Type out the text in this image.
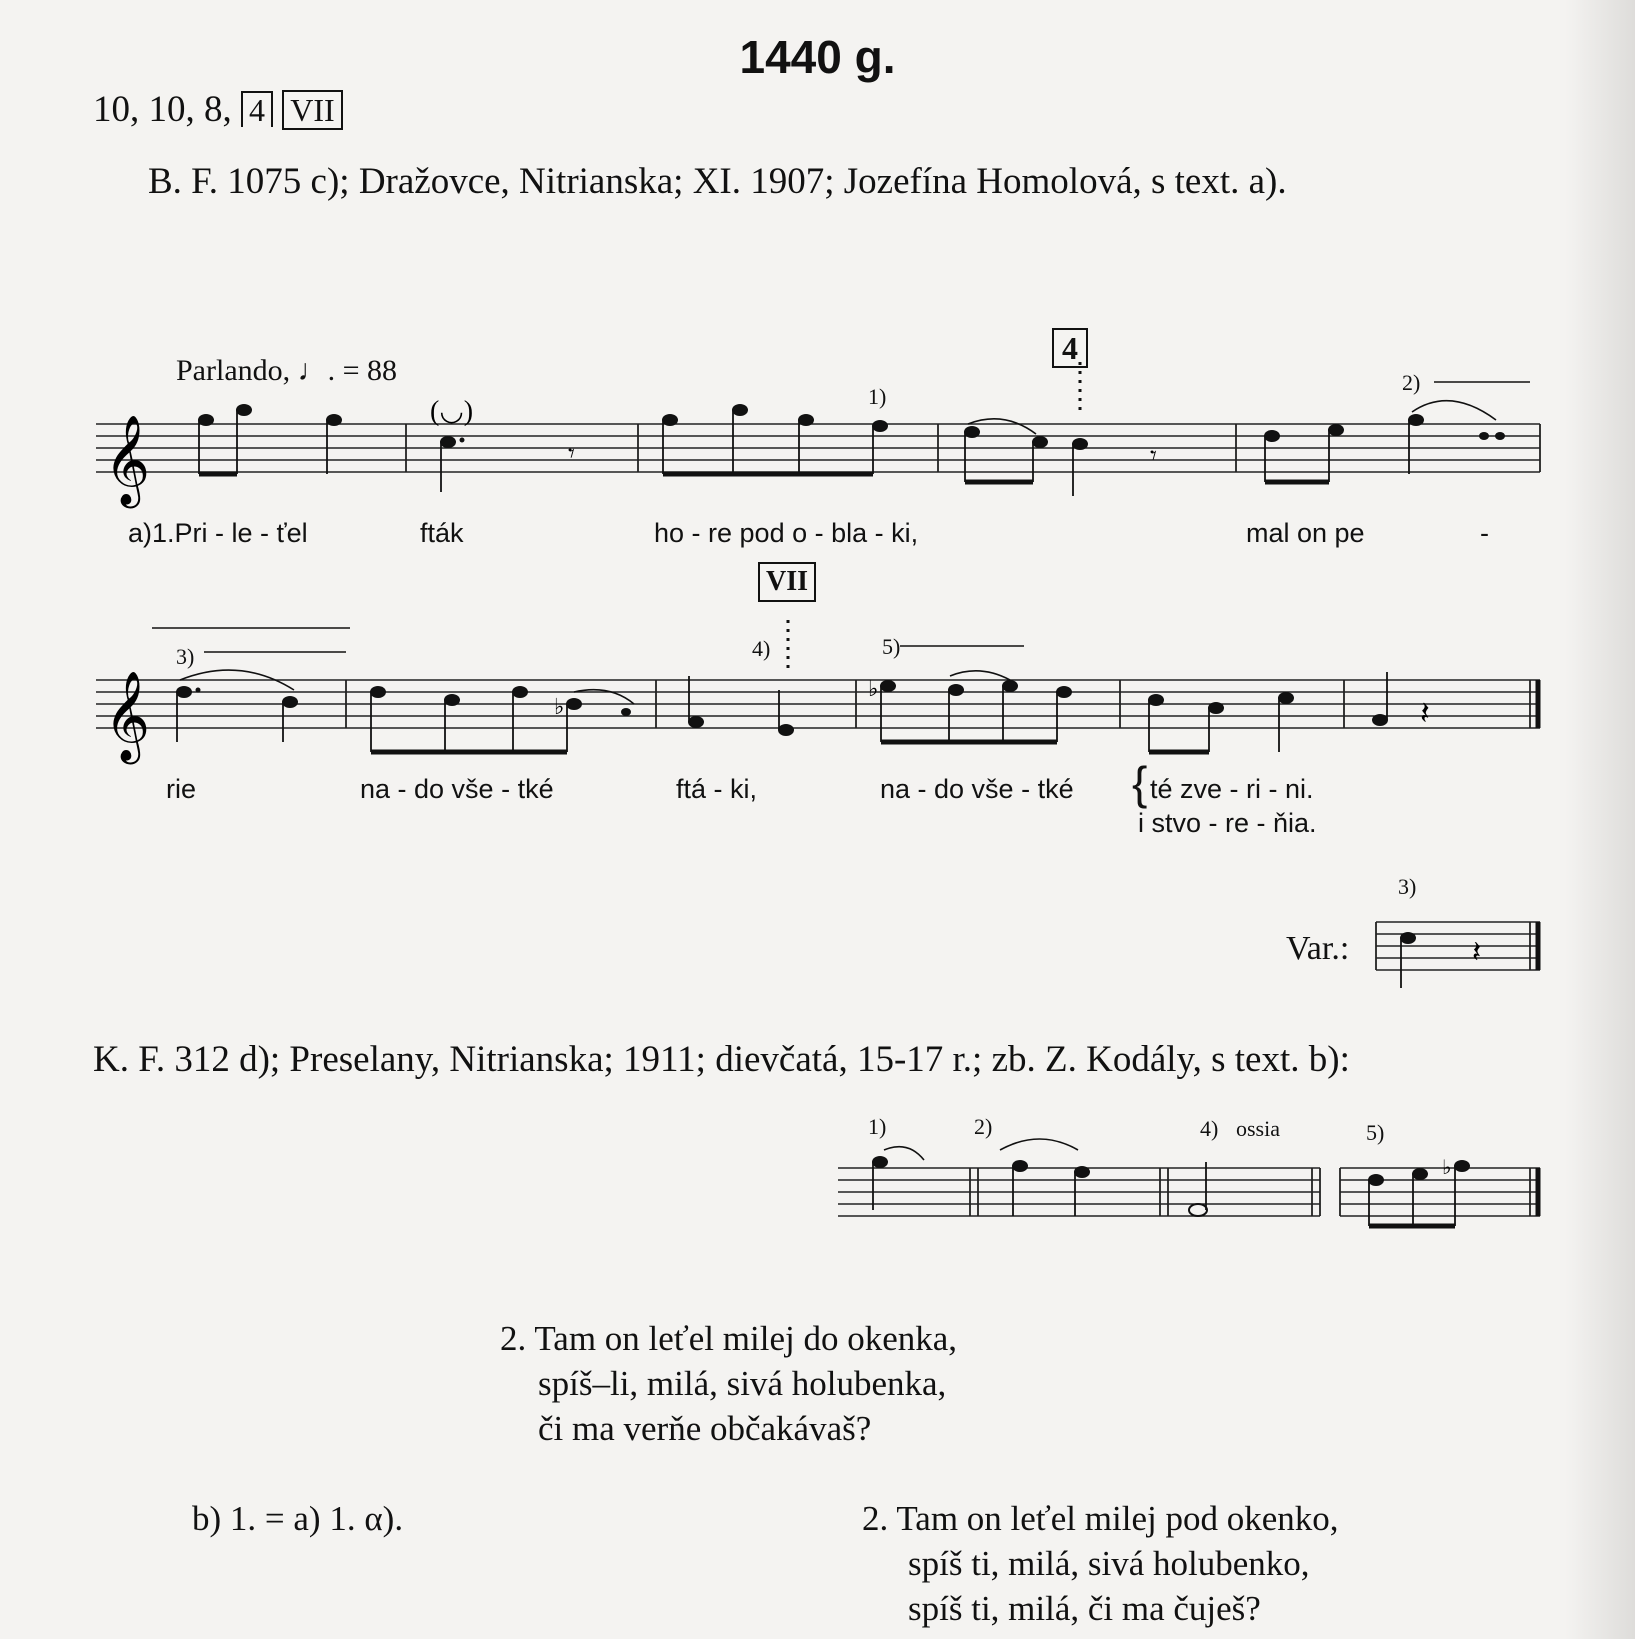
1440 g.
10, 10, 8, 4 VII
B. F. 1075 c); Dražovce, Nitrianska; XI. 1907; Jozefína Homolová, s text. a).
Parlando, ♩. = 88
4
1)
2)
a)1.Pri - le - ťel	fták	ho - re pod o - bla - ki,	mal on pe	-
VII
3)	4)	5)
rie	na - do vše - tké	ftá - ki,	na - do vše - tké { té zve - ri - ni.
i stvo - re - ňia.
3)
Var.:
K. F. 312 d); Preselany, Nitrianska; 1911; dievčatá, 15-17 r.; zb. Z. Kodály, s text. b):
1)	2)	4) ossia	5)
2. Tam on leťel milej do okenka,
spíš–li, milá, sivá holubenka,
či ma verňe občakávaš?
b) 1. = a) 1. α).	2. Tam on leťel milej pod okenko,
spíš ti, milá, sivá holubenko,
spíš ti, milá, či ma čuješ?
𝄞
(◡)
𝄾	𝄾
𝄞	♭
♭
𝄽
𝄽
♭
